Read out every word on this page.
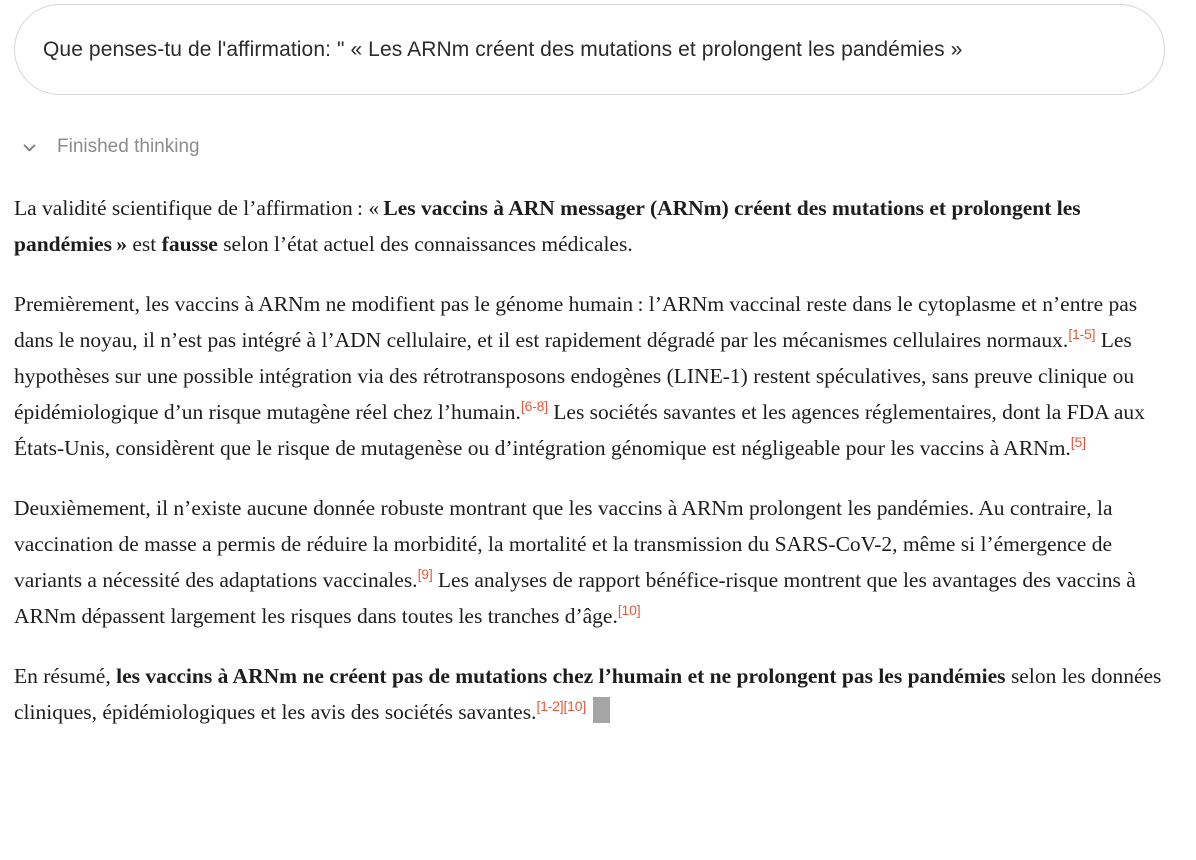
Que penses-tu de l'affirmation: " « Les ARNm créent des mutations et prolongent les pandémies »
Finished thinking

La validité scientifique de l’affirmation : « Les vaccins à ARN messager (ARNm) créent des mutations et prolongent les pandémies » est fausse selon l’état actuel des connaissances médicales.

Premièrement, les vaccins à ARNm ne modifient pas le génome humain : l’ARNm vaccinal reste dans le cytoplasme et n’entre pas dans le noyau, il n’est pas intégré à l’ADN cellulaire, et il est rapidement dégradé par les mécanismes cellulaires normaux.[1-5] Les hypothèses sur une possible intégration via des rétrotransposons endogènes (LINE-1) restent spéculatives, sans preuve clinique ou épidémiologique d’un risque mutagène réel chez l’humain.[6-8] Les sociétés savantes et les agences réglementaires, dont la FDA aux États-Unis, considèrent que le risque de mutagenèse ou d’intégration génomique est négligeable pour les vaccins à ARNm.[5]

Deuxièmement, il n’existe aucune donnée robuste montrant que les vaccins à ARNm prolongent les pandémies. Au contraire, la vaccination de masse a permis de réduire la morbidité, la mortalité et la transmission du SARS-CoV-2, même si l’émergence de variants a nécessité des adaptations vaccinales.[9] Les analyses de rapport bénéfice-risque montrent que les avantages des vaccins à ARNm dépassent largement les risques dans toutes les tranches d’âge.[10]

En résumé, les vaccins à ARNm ne créent pas de mutations chez l’humain et ne prolongent pas les pandémies selon les données cliniques, épidémiologiques et les avis des sociétés savantes.[1-2][10]
